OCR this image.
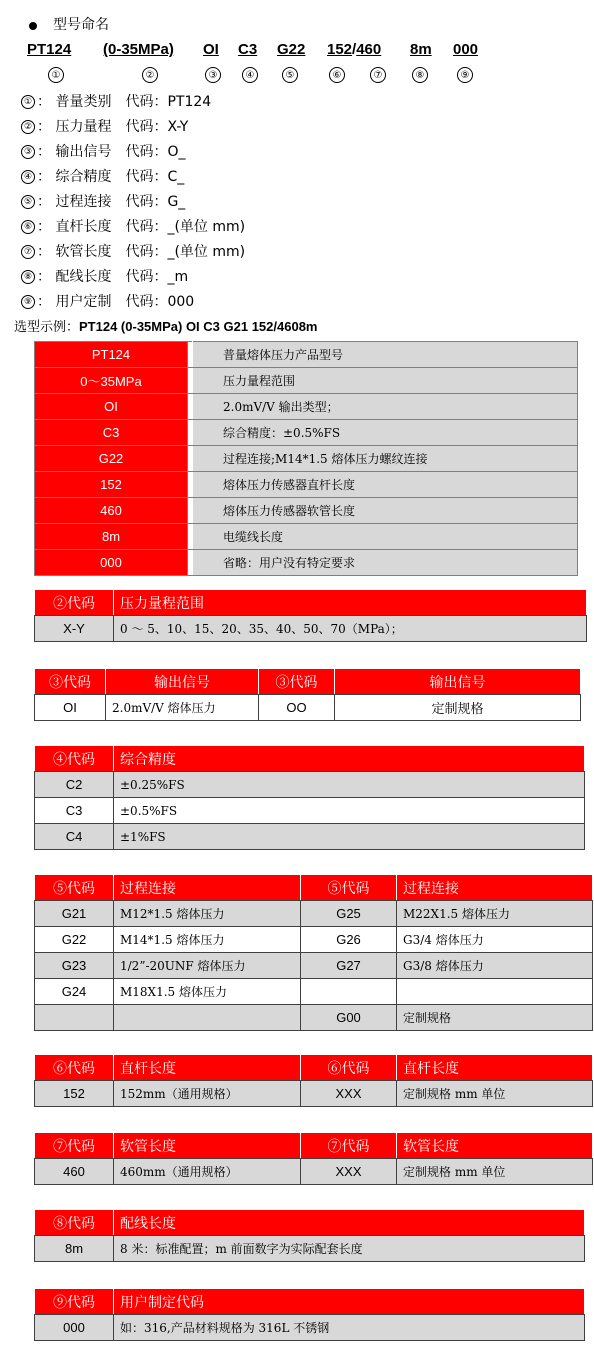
型号命名
PT124 (0-35MPa) OI C3 G22 152/460 8m 000
①	②	③	④	⑤	⑥	⑦	⑧	⑨
① ： 普量类别 代码：PT124
② ： 压力量程 代码：X-Y
③ ： 输出信号 代码：O_
④ ： 综合精度 代码：C_
⑤ ： 过程连接 代码：G_
⑥ ： 直杆长度 代码：_(单位 mm)
⑦ ： 软管长度 代码：_(单位 mm)
⑧ ： 配线长度 代码：_m
⑨ ： 用户定制 代码：000
选型示例：PT124 (0-35MPa) OI C3 G21 152/4608m
PT124		普量熔体压力产品型号
0～35MPa		压力量程范围
OI		2.0mV/V 输出类型；
C3		综合精度：±0.5%FS
G22		过程连接;M14*1.5 熔体压力螺纹连接
152		熔体压力传感器直杆长度
460		熔体压力传感器软管长度
8m		电缆线长度
000		省略：用户没有特定要求
②代码	压力量程范围
X-Y	0 ～ 5、10、15、20、35、40、50、70（MPa）；
③代码	输出信号	③代码	输出信号
OI	2.0mV/V 熔体压力	OO	定制规格
④代码	综合精度
C2	±0.25%FS
C3	±0.5%FS
C4	±1%FS
⑤代码	过程连接	⑤代码	过程连接
G21	M12*1.5 熔体压力	G25	M22X1.5 熔体压力
G22	M14*1.5 熔体压力	G26	G3/4 熔体压力
G23	1/2”-20UNF 熔体压力	G27	G3/8 熔体压力
G24	M18X1.5 熔体压力		
		G00	定制规格
⑥代码	直杆长度	⑥代码	直杆长度
152	152mm（通用规格）	XXX	定制规格 mm 单位
⑦代码	软管长度	⑦代码	软管长度
460	460mm（通用规格）	XXX	定制规格 mm 单位
⑧代码	配线长度
8m	8 米：标准配置；m 前面数字为实际配套长度
⑨代码	用户制定代码
000	如：316,产品材料规格为 316L 不锈钢
